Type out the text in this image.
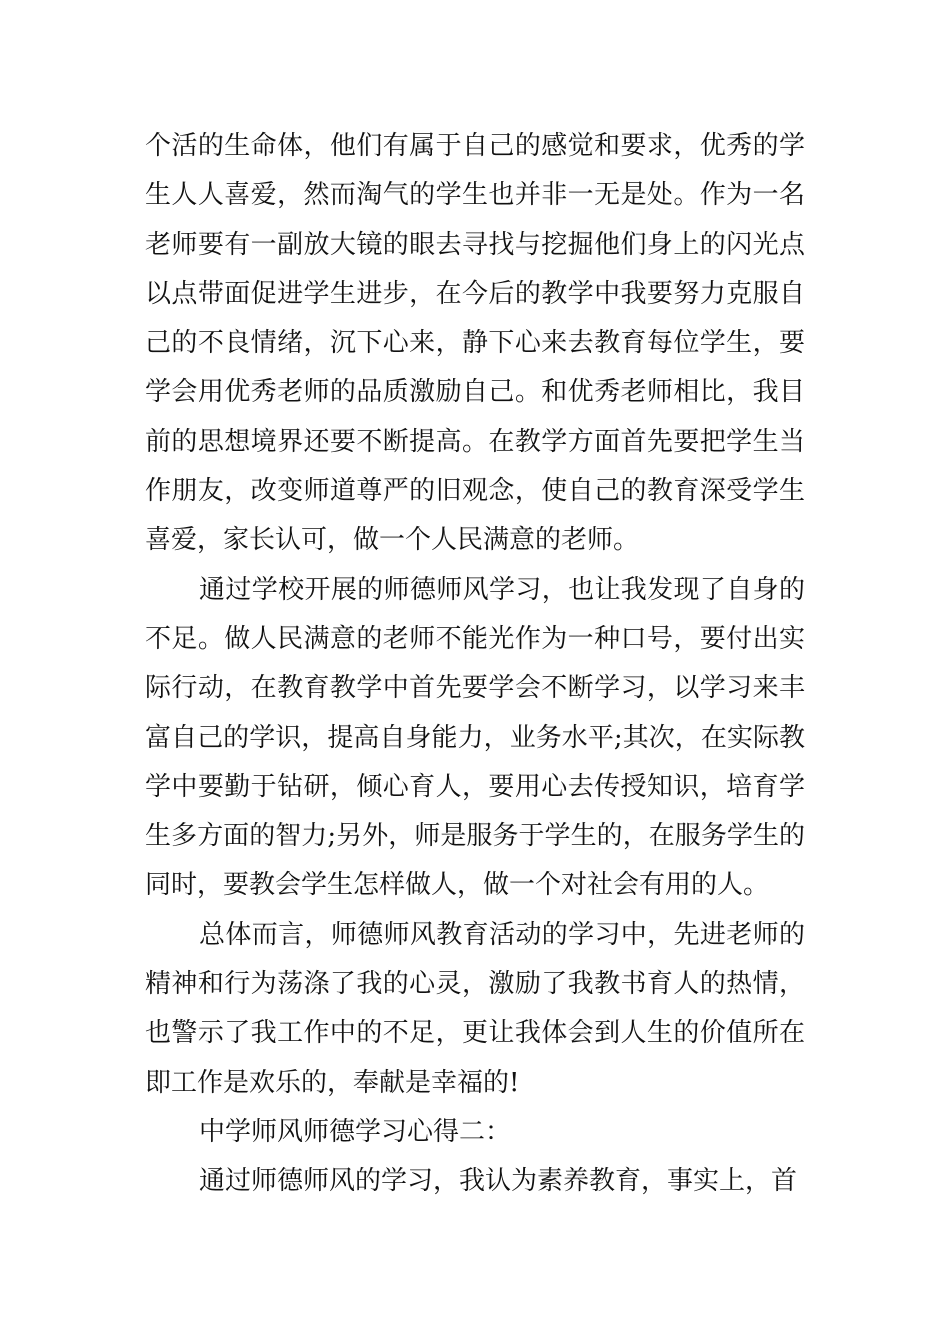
个活的生命体，他们有属于自己的感觉和要求，优秀的学
生人人喜爱，然而淘气的学生也并非一无是处。作为一名
老师要有一副放大镜的眼去寻找与挖掘他们身上的闪光点
以点带面促进学生进步，在今后的教学中我要努力克服自
己的不良情绪，沉下心来，静下心来去教育每位学生，要
学会用优秀老师的品质激励自己。和优秀老师相比，我目
前的思想境界还要不断提高。在教学方面首先要把学生当
作朋友，改变师道尊严的旧观念，使自己的教育深受学生
喜爱，家长认可，做一个人民满意的老师。
通过学校开展的师德师风学习，也让我发现了自身的
不足。做人民满意的老师不能光作为一种口号，要付出实
际行动，在教育教学中首先要学会不断学习，以学习来丰
富自己的学识，提高自身能力，业务水平;其次，在实际教
学中要勤于钻研，倾心育人，要用心去传授知识，培育学
生多方面的智力;另外，师是服务于学生的，在服务学生的
同时，要教会学生怎样做人，做一个对社会有用的人。
总体而言，师德师风教育活动的学习中，先进老师的
精神和行为荡涤了我的心灵，激励了我教书育人的热情，
也警示了我工作中的不足，更让我体会到人生的价值所在
即工作是欢乐的，奉献是幸福的!
中学师风师德学习心得二：
通过师德师风的学习，我认为素养教育，事实上，首
